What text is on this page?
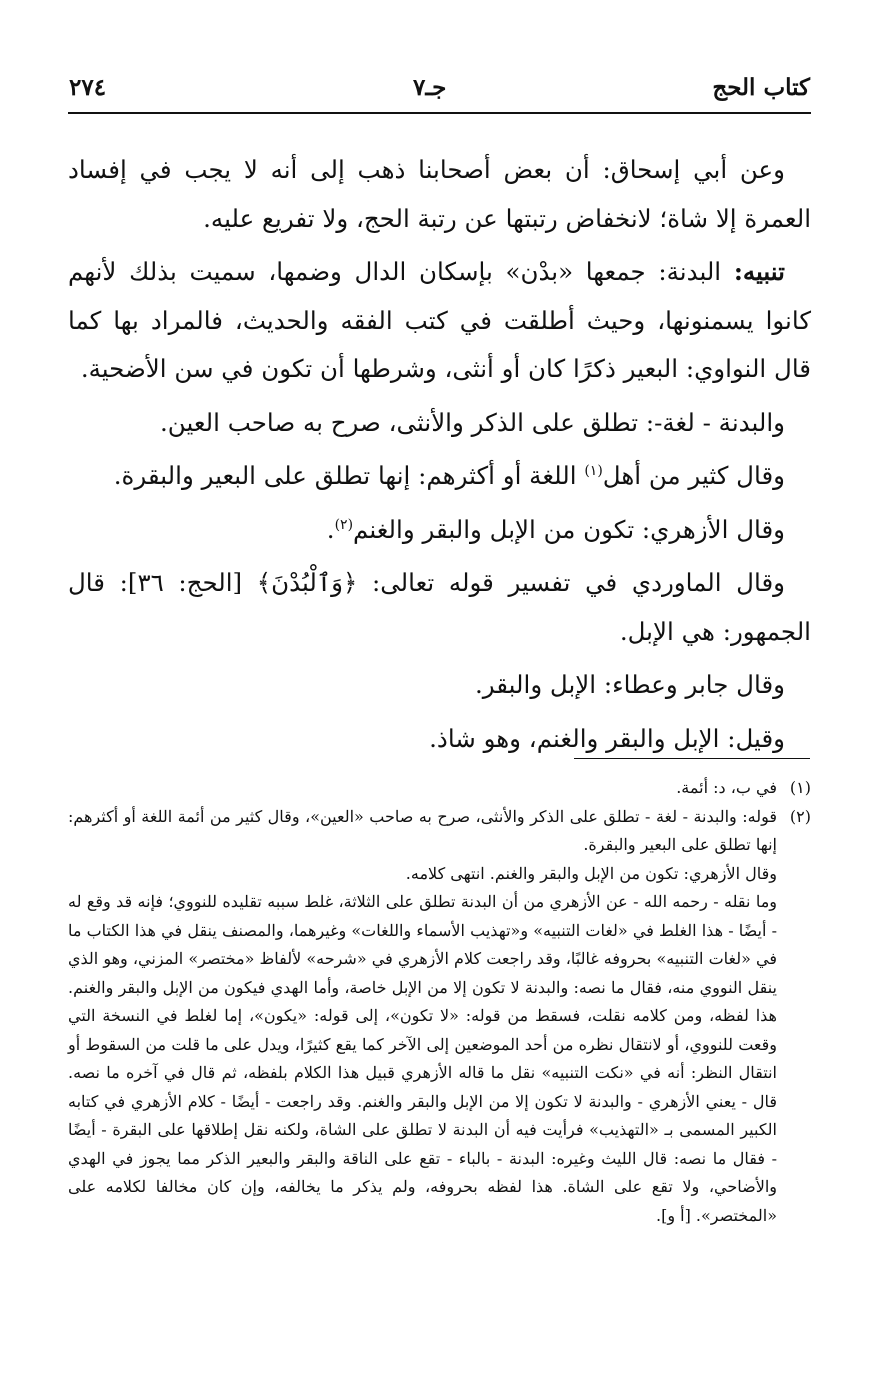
كتاب الحج
جـ٧
٢٧٤

وعن أبي إسحاق: أن بعض أصحابنا ذهب إلى أنه لا يجب في إفساد العمرة إلا شاة؛ لانخفاض رتبتها عن رتبة الحج، ولا تفريع عليه.

تنبيه: البدنة: جمعها «بدْن» بإسكان الدال وضمها، سميت بذلك لأنهم كانوا يسمنونها، وحيث أطلقت في كتب الفقه والحديث، فالمراد بها كما قال النواوي: البعير ذكرًا كان أو أنثى، وشرطها أن تكون في سن الأضحية.

والبدنة - لغة-: تطلق على الذكر والأنثى، صرح به صاحب العين.

وقال كثير من أهل$^{(١)}$ اللغة أو أكثرهم: إنها تطلق على البعير والبقرة.

وقال الأزهري: تكون من الإبل والبقر والغنم$^{(٢)}$.

وقال الماوردي في تفسير قوله تعالى: ﴿وَٱلْبُدْنَ﴾ [الحج: ٣٦]: قال الجمهور: هي الإبل.

وقال جابر وعطاء: الإبل والبقر.

وقيل: الإبل والبقر والغنم، وهو شاذ.

(١)

في ب، د: أئمة.

(٢)

قوله: والبدنة - لغة - تطلق على الذكر والأنثى، صرح به صاحب «العين»، وقال كثير من أئمة اللغة أو أكثرهم: إنها تطلق على البعير والبقرة.

وقال الأزهري: تكون من الإبل والبقر والغنم. انتهى كلامه.

وما نقله - رحمه الله - عن الأزهري من أن البدنة تطلق على الثلاثة، غلط سببه تقليده للنووي؛ فإنه قد وقع له - أيضًا - هذا الغلط في «لغات التنبيه» و«تهذيب الأسماء واللغات» وغيرهما، والمصنف ينقل في هذا الكتاب ما في «لغات التنبيه» بحروفه غالبًا، وقد راجعت كلام الأزهري في «شرحه» لألفاظ «مختصر» المزني، وهو الذي ينقل النووي منه، فقال ما نصه: والبدنة لا تكون إلا من الإبل خاصة، وأما الهدي فيكون من الإبل والبقر والغنم. هذا لفظه، ومن كلامه نقلت، فسقط من قوله: «لا تكون»، إلى قوله: «يكون»، إما لغلط في النسخة التي وقعت للنووي، أو لانتقال نظره من أحد الموضعين إلى الآخر كما يقع كثيرًا، ويدل على ما قلت من السقوط أو انتقال النظر: أنه في «نكت التنبيه» نقل ما قاله الأزهري قبيل هذا الكلام بلفظه، ثم قال في آخره ما نصه. قال - يعني الأزهري - والبدنة لا تكون إلا من الإبل والبقر والغنم. وقد راجعت - أيضًا - كلام الأزهري في كتابه الكبير المسمى بـ «التهذيب» فرأيت فيه أن البدنة لا تطلق على الشاة، ولكنه نقل إطلاقها على البقرة - أيضًا - فقال ما نصه: قال الليث وغيره: البدنة - بالباء - تقع على الناقة والبقر والبعير الذكر مما يجوز في الهدي والأضاحي، ولا تقع على الشاة. هذا لفظه بحروفه، ولم يذكر ما يخالفه، وإن كان مخالفا لكلامه على «المختصر». [أ و].
